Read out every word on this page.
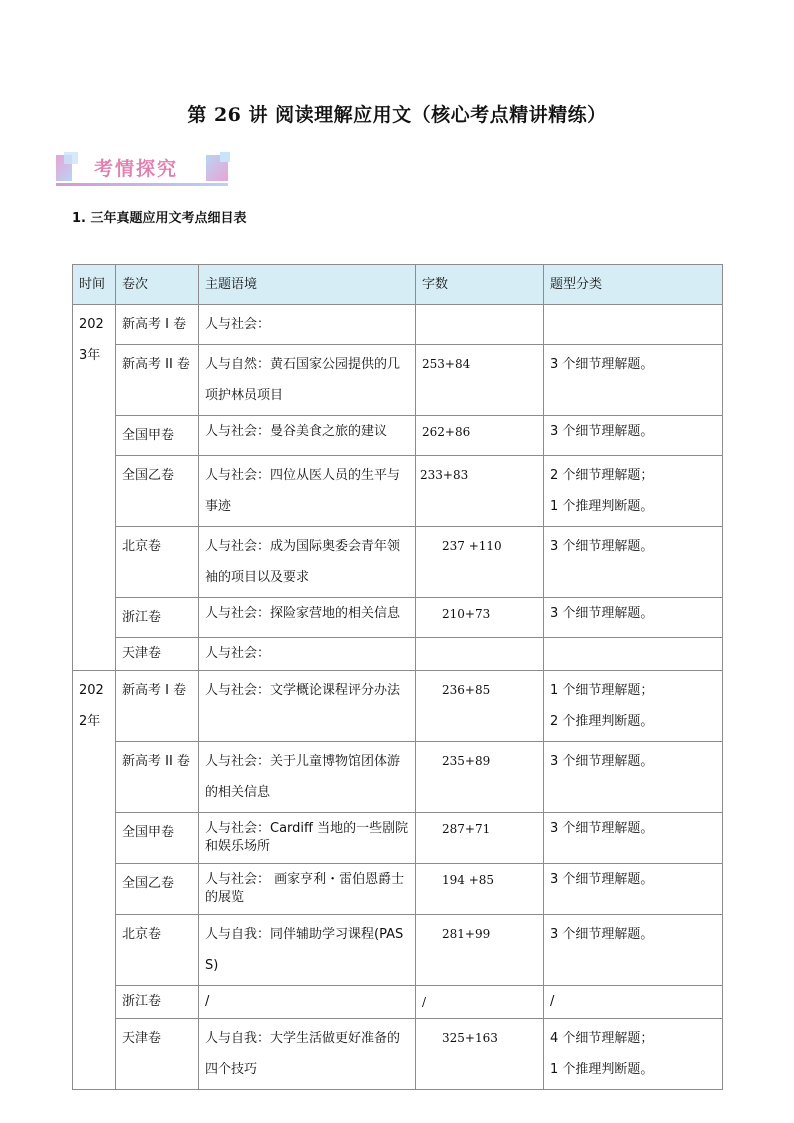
第 26 讲 阅读理解应用文（核心考点精讲精练）
考情探究
1. 三年真题应用文考点细目表
时间	卷次	主题语境	字数	题型分类
2023年	新高考 I 卷	人与社会：		
	新高考 II 卷	人与自然：黄石国家公园提供的几项护林员项目	253+84	3 个细节理解题。

	全国甲卷	人与社会：曼谷美食之旅的建议	262+86	3 个细节理解题。

	全国乙卷	人与社会：四位从医人员的生平与事迹	233+83	2 个细节理解题；
1 个推理判断题。

	北京卷	人与社会：成为国际奥委会青年领袖的项目以及要求	237 +110	3 个细节理解题。

	浙江卷	人与社会：探险家营地的相关信息	210+73	3 个细节理解题。

	天津卷	人与社会：		
2022年	新高考 I 卷	人与社会：文学概论课程评分办法	236+85	1 个细节理解题；
2 个推理判断题。

	新高考 II 卷	人与社会：关于儿童博物馆团体游的相关信息	235+89	3 个细节理解题。

	全国甲卷	人与社会：Cardiff 当地的一些剧院和娱乐场所	287+71	3 个细节理解题。

	全国乙卷	人与社会： 画家亨利・雷伯恩爵士的展览	194 +85	3 个细节理解题。

	北京卷	人与自我：同伴辅助学习课程(PASS)	281+99	3 个细节理解题。

	浙江卷	/	/	/

	天津卷	人与自我：大学生活做更好准备的四个技巧	325+163	4 个细节理解题；
1 个推理判断题。
